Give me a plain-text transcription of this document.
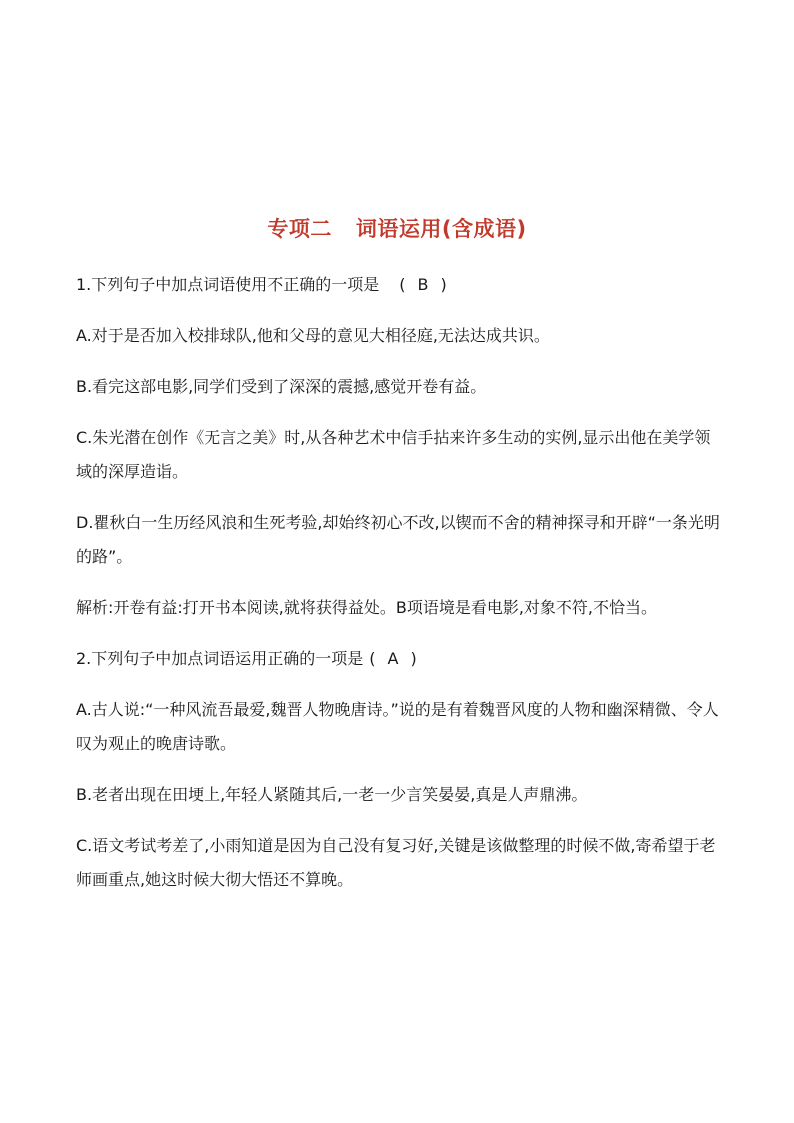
专项二 词语运用(含成语)

1.下列句子中加点词语使用不正确的一项是 ( B )

A.对于是否加入校排球队,他和父母的意见大相径庭,无法达成共识。

B.看完这部电影,同学们受到了深深的震撼,感觉开卷有益。

C.朱光潜在创作《无言之美》时,从各种艺术中信手拈来许多生动的实例,显示出他在美学领域的深厚造诣。

D.瞿秋白一生历经风浪和生死考验,却始终初心不改,以锲而不舍的精神探寻和开辟“一条光明的路”。

解析:开卷有益:打开书本阅读,就将获得益处。B项语境是看电影,对象不符,不恰当。

2.下列句子中加点词语运用正确的一项是 ( A )

A.古人说:“一种风流吾最爱,魏晋人物晚唐诗。”说的是有着魏晋风度的人物和幽深精微、令人叹为观止的晚唐诗歌。

B.老者出现在田埂上,年轻人紧随其后,一老一少言笑晏晏,真是人声鼎沸。

C.语文考试考差了,小雨知道是因为自己没有复习好,关键是该做整理的时候不做,寄希望于老师画重点,她这时候大彻大悟还不算晚。
